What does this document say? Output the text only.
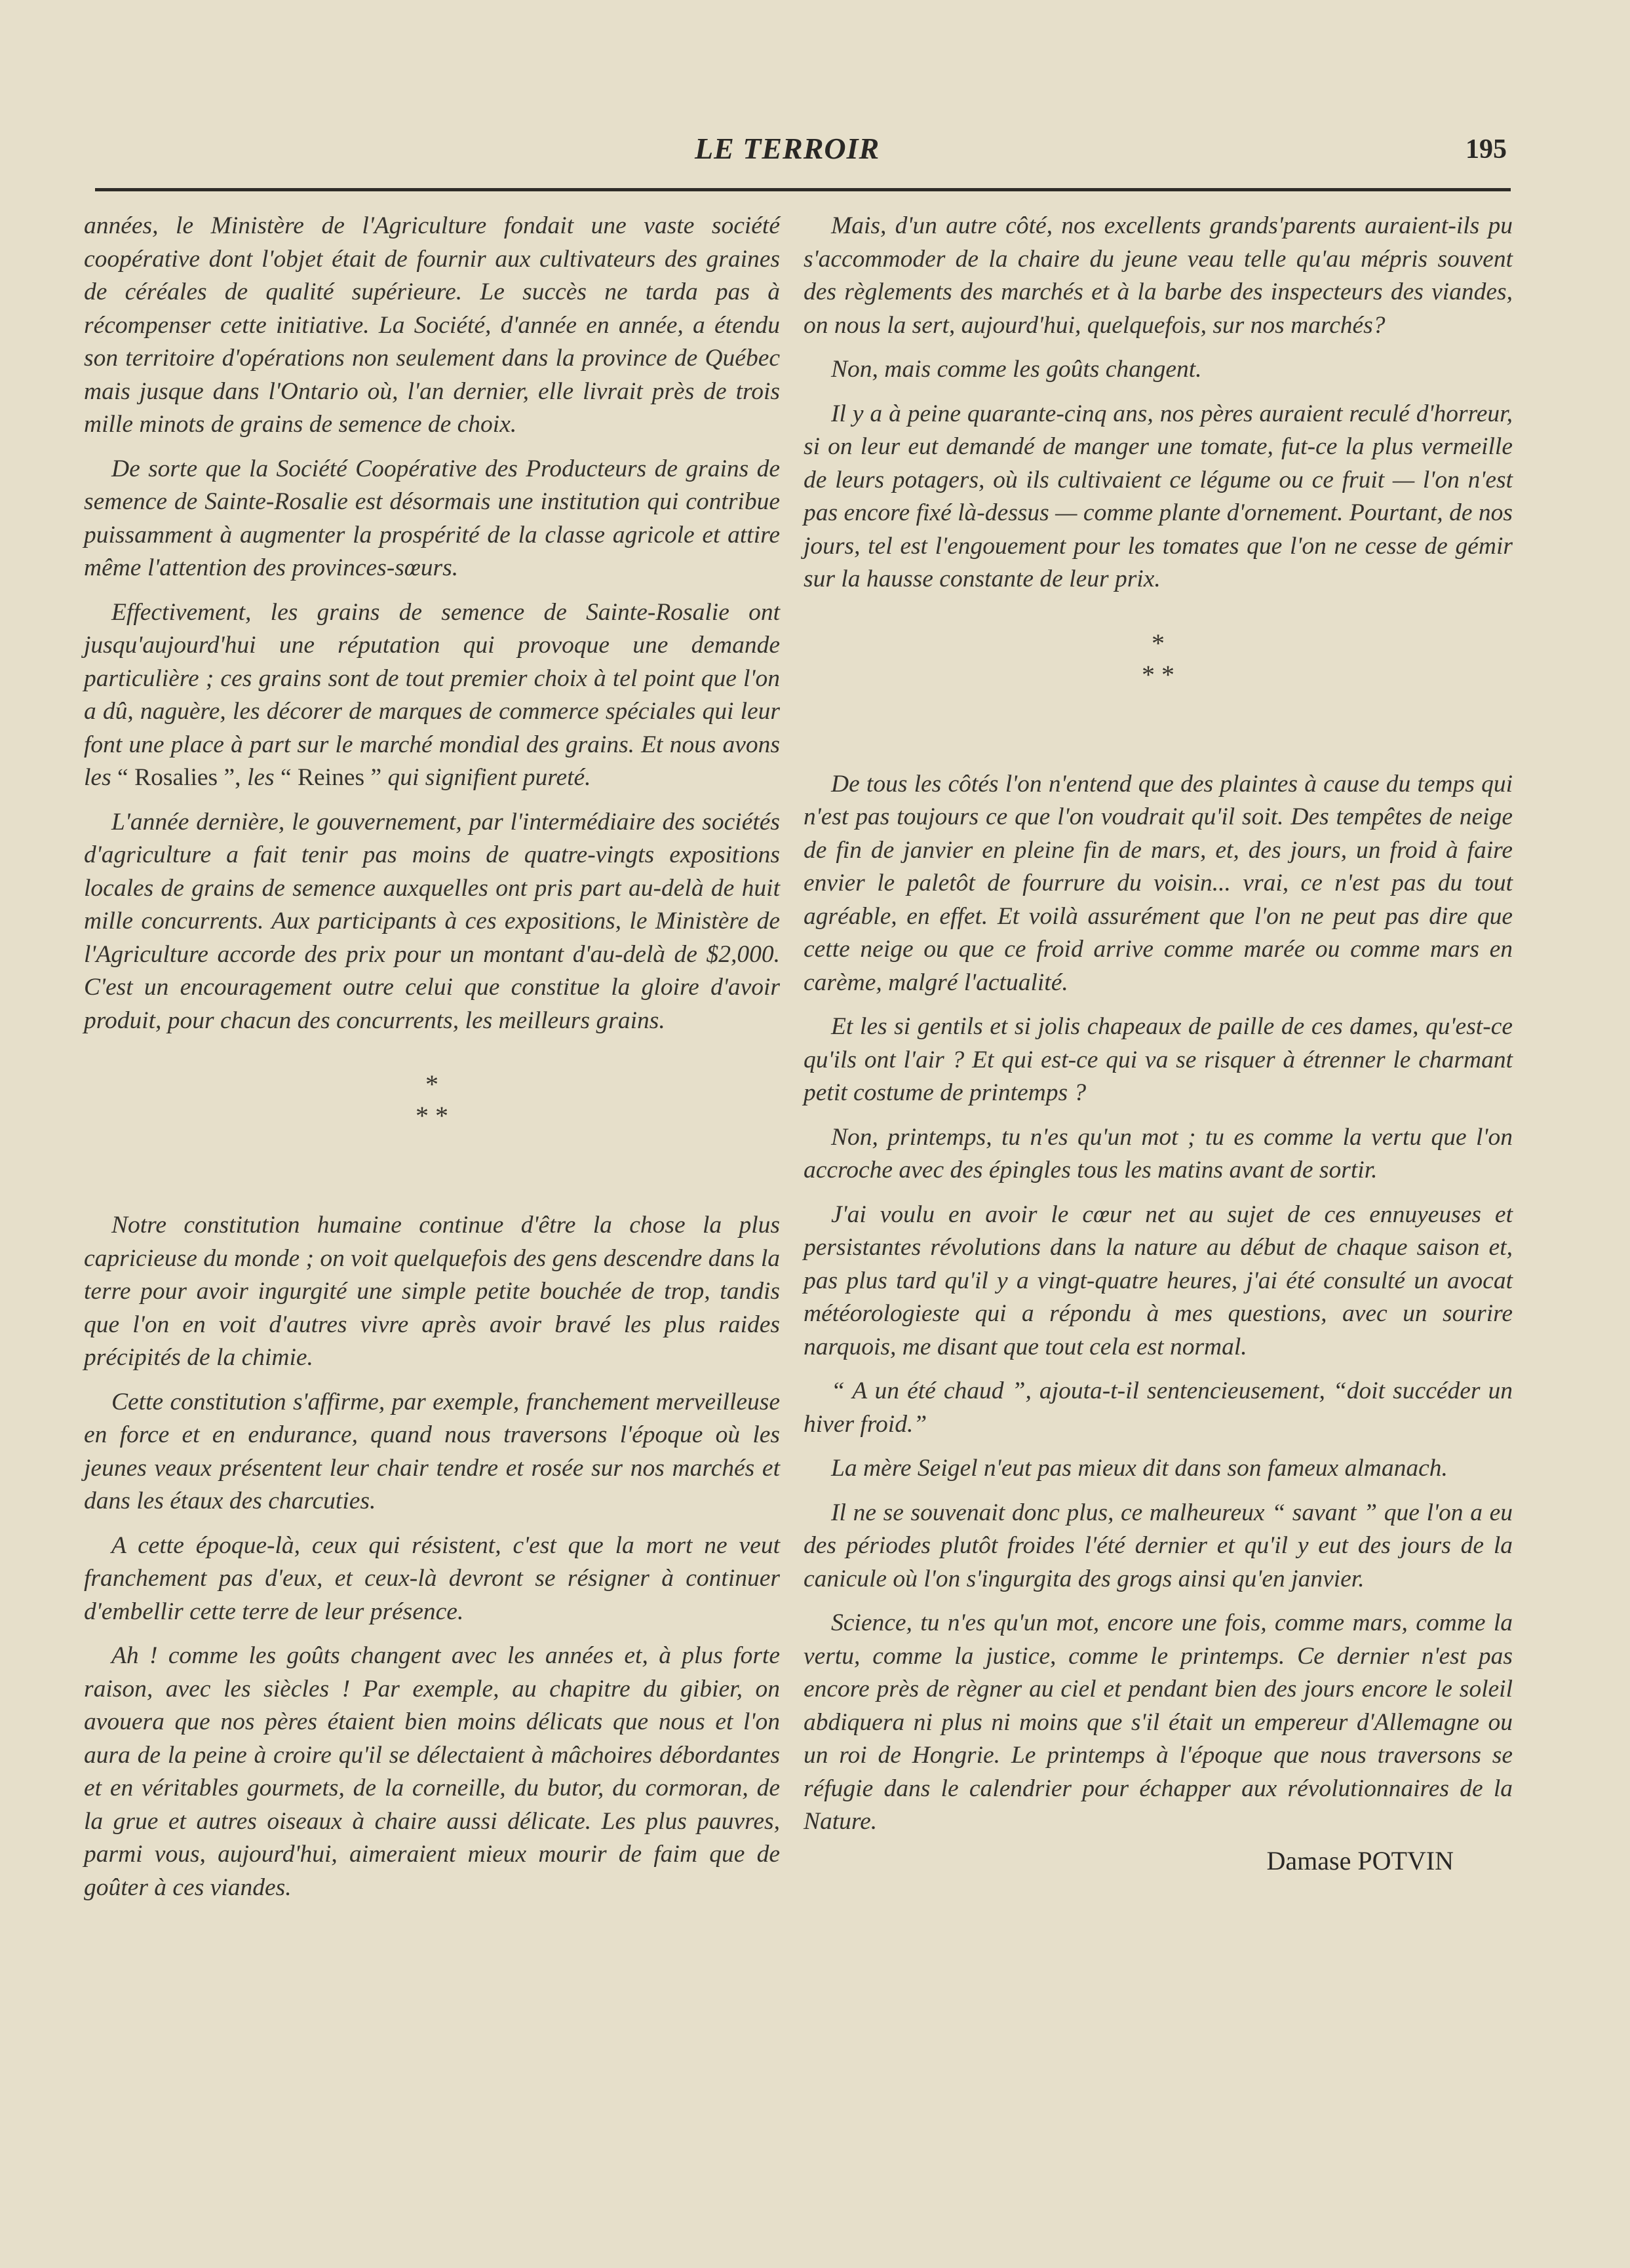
LE TERROIR	195

années, le Ministère de l'Agriculture fondait une vaste société coopérative dont l'objet était de fournir aux cultivateurs des graines de céréales de qualité supérieure. Le succès ne tarda pas à récompenser cette initiative. La Société, d'année en année, a étendu son territoire d'opérations non seulement dans la province de Québec mais jusque dans l'Ontario où, l'an dernier, elle livrait près de trois mille minots de grains de semence de choix.

De sorte que la Société Coopérative des Producteurs de grains de semence de Sainte-Rosalie est désormais une institution qui contribue puissamment à augmenter la prospérité de la classe agricole et attire même l'attention des provinces-sœurs.

Effectivement, les grains de semence de Sainte-Rosalie ont jusqu'aujourd'hui une réputation qui provoque une demande particulière ; ces grains sont de tout premier choix à tel point que l'on a dû, naguère, les décorer de marques de commerce spéciales qui leur font une place à part sur le marché mondial des grains. Et nous avons les “ Rosalies ”, les “ Reines ” qui signifient pureté.

L'année dernière, le gouvernement, par l'intermédiaire des sociétés d'agriculture a fait tenir pas moins de quatre-vingts expositions locales de grains de semence auxquelles ont pris part au-delà de huit mille concurrents. Aux participants à ces expositions, le Ministère de l'Agriculture accorde des prix pour un montant d'au-delà de $2,000. C'est un encouragement outre celui que constitue la gloire d'avoir produit, pour chacun des concurrents, les meilleurs grains.

*
* *

Notre constitution humaine continue d'être la chose la plus capricieuse du monde ; on voit quelquefois des gens descendre dans la terre pour avoir ingurgité une simple petite bouchée de trop, tandis que l'on en voit d'autres vivre après avoir bravé les plus raides précipités de la chimie.

Cette constitution s'affirme, par exemple, franchement merveilleuse en force et en endurance, quand nous traversons l'époque où les jeunes veaux présentent leur chair tendre et rosée sur nos marchés et dans les étaux des charcuties.

A cette époque-là, ceux qui résistent, c'est que la mort ne veut franchement pas d'eux, et ceux-là devront se résigner à continuer d'embellir cette terre de leur présence.

Ah ! comme les goûts changent avec les années et, à plus forte raison, avec les siècles ! Par exemple, au chapitre du gibier, on avouera que nos pères étaient bien moins délicats que nous et l'on aura de la peine à croire qu'il se délectaient à mâchoires débordantes et en véritables gourmets, de la corneille, du butor, du cormoran, de la grue et autres oiseaux à chaire aussi délicate. Les plus pauvres, parmi vous, aujourd'hui, aimeraient mieux mourir de faim que de goûter à ces viandes.

Mais, d'un autre côté, nos excellents grands'parents auraient-ils pu s'accommoder de la chaire du jeune veau telle qu'au mépris souvent des règlements des marchés et à la barbe des inspecteurs des viandes, on nous la sert, aujourd'hui, quelquefois, sur nos marchés?

Non, mais comme les goûts changent.

Il y a à peine quarante-cinq ans, nos pères auraient reculé d'horreur, si on leur eut demandé de manger une tomate, fut-ce la plus vermeille de leurs potagers, où ils cultivaient ce légume ou ce fruit — l'on n'est pas encore fixé là-dessus — comme plante d'ornement. Pourtant, de nos jours, tel est l'engouement pour les tomates que l'on ne cesse de gémir sur la hausse constante de leur prix.

*
* *

De tous les côtés l'on n'entend que des plaintes à cause du temps qui n'est pas toujours ce que l'on voudrait qu'il soit. Des tempêtes de neige de fin de janvier en pleine fin de mars, et, des jours, un froid à faire envier le paletôt de fourrure du voisin... vrai, ce n'est pas du tout agréable, en effet. Et voilà assurément que l'on ne peut pas dire que cette neige ou que ce froid arrive comme marée ou comme mars en carème, malgré l'actualité.

Et les si gentils et si jolis chapeaux de paille de ces dames, qu'est-ce qu'ils ont l'air ? Et qui est-ce qui va se risquer à étrenner le charmant petit costume de printemps ?

Non, printemps, tu n'es qu'un mot ; tu es comme la vertu que l'on accroche avec des épingles tous les matins avant de sortir.

J'ai voulu en avoir le cœur net au sujet de ces ennuyeuses et persistantes révolutions dans la nature au début de chaque saison et, pas plus tard qu'il y a vingt-quatre heures, j'ai été consulté un avocat météorologieste qui a répondu à mes questions, avec un sourire narquois, me disant que tout cela est normal.

“ A un été chaud ”, ajouta-t-il sentencieusement, “doit succéder un hiver froid.”

La mère Seigel n'eut pas mieux dit dans son fameux almanach.

Il ne se souvenait donc plus, ce malheureux “ savant ” que l'on a eu des périodes plutôt froides l'été dernier et qu'il y eut des jours de la canicule où l'on s'ingurgita des grogs ainsi qu'en janvier.

Science, tu n'es qu'un mot, encore une fois, comme mars, comme la vertu, comme la justice, comme le printemps. Ce dernier n'est pas encore près de règner au ciel et pendant bien des jours encore le soleil abdiquera ni plus ni moins que s'il était un empereur d'Allemagne ou un roi de Hongrie. Le printemps à l'époque que nous traversons se réfugie dans le calendrier pour échapper aux révolutionnaires de la Nature.

Damase POTVIN
